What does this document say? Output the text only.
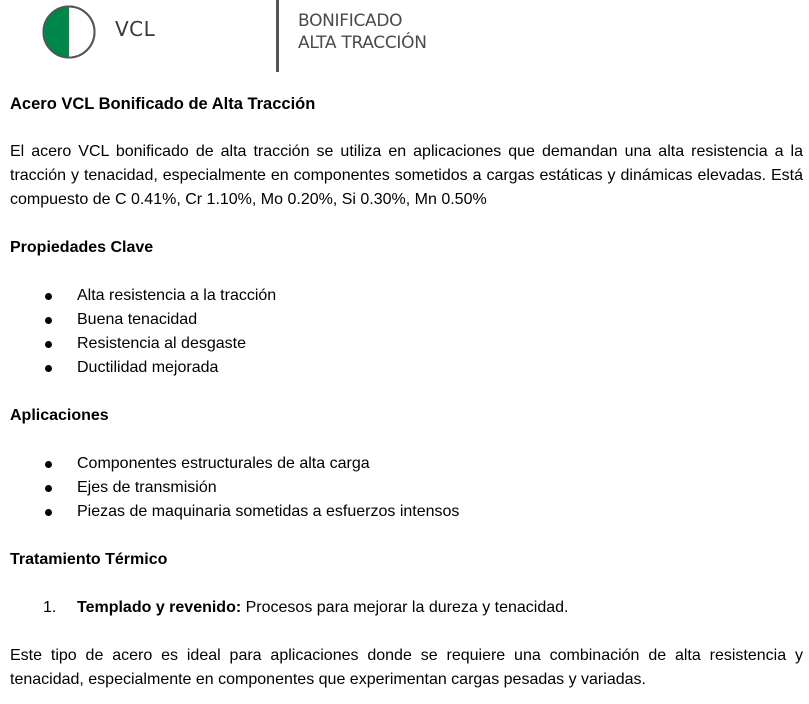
VCL	BONIFICADO
ALTA TRACCIÓN
Acero VCL Bonificado de Alta Tracción

El acero VCL bonificado de alta tracción se utiliza en aplicaciones que demandan una alta resistencia a la tracción y tenacidad, especialmente en componentes sometidos a cargas estáticas y dinámicas elevadas. Está compuesto de C 0.41%, Cr 1.10%, Mo 0.20%, Si 0.30%, Mn 0.50%

Propiedades Clave
Alta resistencia a la tracción
Buena tenacidad
Resistencia al desgaste
Ductilidad mejorada
Aplicaciones
Componentes estructurales de alta carga
Ejes de transmisión
Piezas de maquinaria sometidas a esfuerzos intensos
Tratamiento Térmico
1. Templado y revenido: Procesos para mejorar la dureza y tenacidad.

Este tipo de acero es ideal para aplicaciones donde se requiere una combinación de alta resistencia y tenacidad, especialmente en componentes que experimentan cargas pesadas y variadas.
